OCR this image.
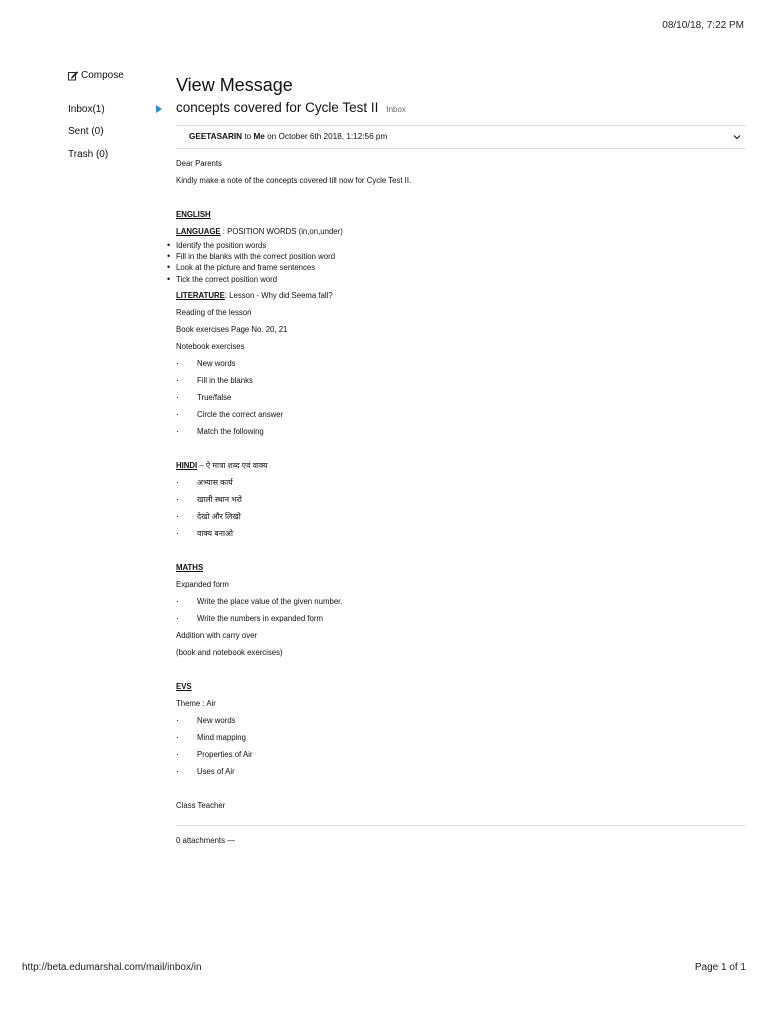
08/10/18, 7:22 PM
Compose
Inbox(1)
Sent (0)
Trash (0)
View Message
concepts covered for Cycle Test II Inbox
GEETASARIN to Me on October 6th 2018, 1:12:56 pm

Dear Parents

Kindly make a note of the concepts covered till now for Cycle Test II.

ENGLISH

LANGUAGE : POSITION WORDS (in,on,under)

• Identify the position words
• Fill in the blanks with the correct position word
• Look at the picture and frame sentences
• Tick the correct position word

LITERATURE: Lesson - Why did Seema fall?

Reading of the lesson

Book exercises Page No. 20, 21

Notebook exercises

· New words
· Fill in the blanks
· True/false
· Circle the correct answer
· Match the following

HINDI – ऐ मात्रा शब्द एवं वाक्य

· अभ्यास कार्य
· खाली स्थान भरो
· देखो और लिखो
· वाक्य बनाओ

MATHS

Expanded form

· Write the place value of the given number.
· Write the numbers in expanded form

Addition with carry over

(book and notebook exercises)

EVS

Theme : Air

· New words
· Mind mapping
· Properties of Air
· Uses of Air

Class Teacher

0 attachments —

http://beta.edumarshal.com/mail/inbox/in	Page 1 of 1
